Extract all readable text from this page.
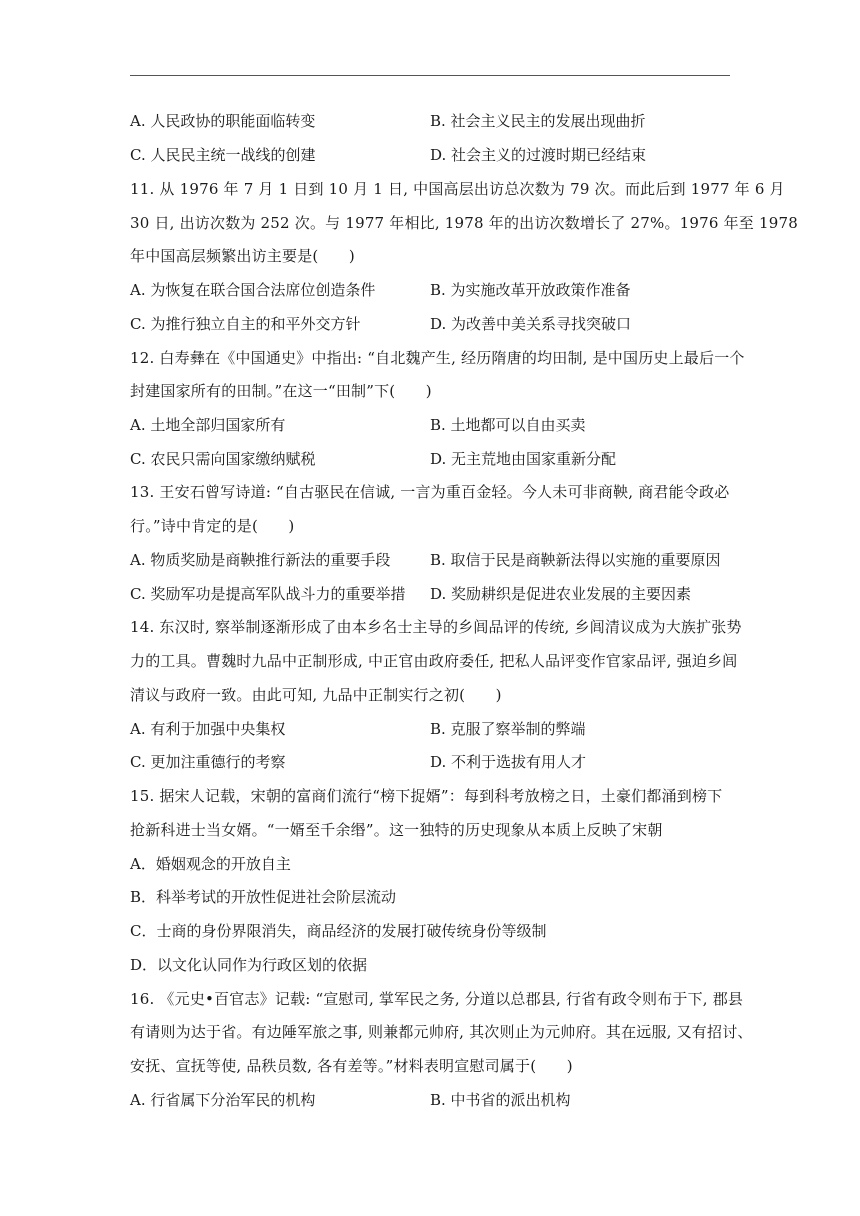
A. 人民政协的职能面临转变	B. 社会主义民主的发展出现曲折
C. 人民民主统一战线的创建	D. 社会主义的过渡时期已经结束
11. 从 1976 年 7 月 1 日到 10 月 1 日, 中国高层出访总次数为 79 次。而此后到 1977 年 6 月
30 日, 出访次数为 252 次。与 1977 年相比, 1978 年的出访次数增长了 27%。1976 年至 1978
年中国高层频繁出访主要是(　　)
A. 为恢复在联合国合法席位创造条件	B. 为实施改革开放政策作准备
C. 为推行独立自主的和平外交方针	D. 为改善中美关系寻找突破口
12. 白寿彝在《中国通史》中指出: “自北魏产生, 经历隋唐的均田制, 是中国历史上最后一个
封建国家所有的田制。”在这一“田制”下(　　)
A. 土地全部归国家所有	B. 土地都可以自由买卖
C. 农民只需向国家缴纳赋税	D. 无主荒地由国家重新分配
13. 王安石曾写诗道: “自古驱民在信诚, 一言为重百金轻。今人未可非商鞅, 商君能令政必
行。”诗中肯定的是(　　)
A. 物质奖励是商鞅推行新法的重要手段	B. 取信于民是商鞅新法得以实施的重要原因
C. 奖励军功是提高军队战斗力的重要举措 D. 奖励耕织是促进农业发展的主要因素
14. 东汉时, 察举制逐渐形成了由本乡名士主导的乡闾品评的传统, 乡闾清议成为大族扩张势
力的工具。曹魏时九品中正制形成, 中正官由政府委任, 把私人品评变作官家品评, 强迫乡闾
清议与政府一致。由此可知, 九品中正制实行之初(　　)
A. 有利于加强中央集权	B. 克服了察举制的弊端
C. 更加注重德行的考察	D. 不利于选拔有用人才
15. 据宋人记载，宋朝的富商们流行“榜下捉婿”：每到科考放榜之日，土豪们都涌到榜下
抢新科进士当女婿。“一婿至千余缗”。这一独特的历史现象从本质上反映了宋朝
A．婚姻观念的开放自主
B．科举考试的开放性促进社会阶层流动
C．士商的身份界限消失，商品经济的发展打破传统身份等级制
D．以文化认同作为行政区划的依据
16. 《元史•百官志》记载: “宣慰司, 掌军民之务, 分道以总郡县, 行省有政令则布于下, 郡县
有请则为达于省。有边陲军旅之事, 则兼都元帅府, 其次则止为元帅府。其在远服, 又有招讨、
安抚、宣抚等使, 品秩员数, 各有差等。”材料表明宣慰司属于(　　)
A. 行省属下分治军民的机构	B. 中书省的派出机构
